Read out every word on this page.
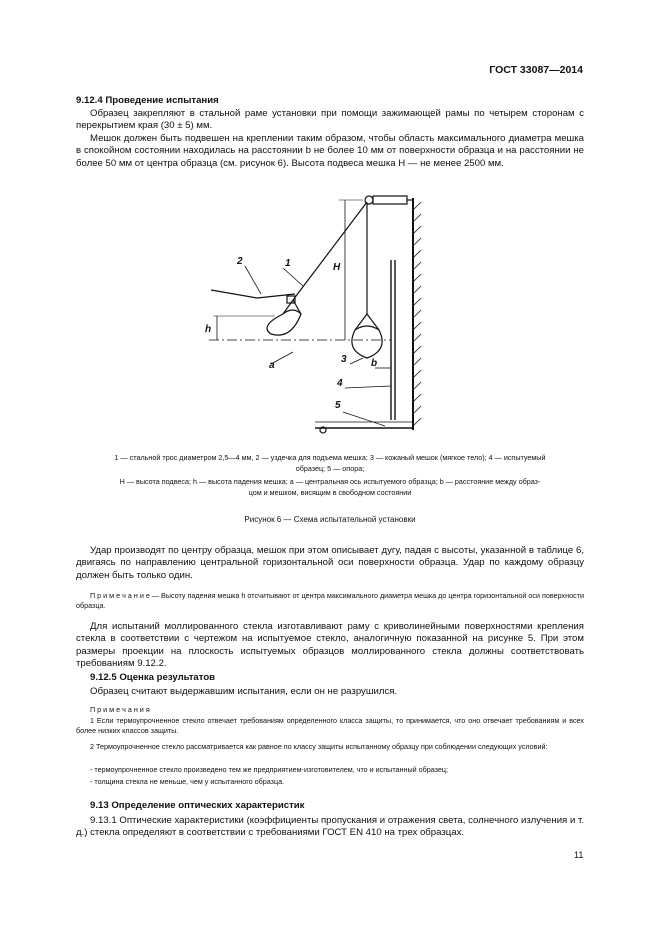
ГОСТ 33087—2014
9.12.4 Проведение испытания
Образец закрепляют в стальной раме установки при помощи зажимающей рамы по четырем сторонам с перекрытием края (30 ± 5) мм.
Мешок должен быть подвешен на креплении таким образом, чтобы область максимального диаметра мешка в спокойном состоянии находилась на расстоянии b не более 10 мм от поверхности образца и на расстоянии не более 50 мм от центра образца (см. рисунок 6). Высота подвеса мешка H — не менее 2500 мм.
1
2
3
4
5
H
h
a	b
1 — стальной трос диаметром 2,5—4 мм, 2 — уздечка для подъема мешка; 3 — кожаный мешок (мягкое тело); 4 — испытуемый
образец; 5 — опора;
H — высота подвеса; h — высота падения мешка; a — центральная ось испытуемого образца; b — расстояние между образ-
цом и мешком, висящим в свободном состоянии
Рисунок 6 — Схема испытательной установки
Удар производят по центру образца, мешок при этом описывает дугу, падая с высоты, указанной в таблице 6, двигаясь по направлению центральной горизонтальной оси поверхности образца. Удар по каждому образцу должен быть только один.
П р и м е ч а н и е — Высоту падения мешка h отсчитывают от центра максимального диаметра мешка до центра горизонтальной оси поверхности образца.
Для испытаний моллированного стекла изготавливают раму с криволинейными поверхностями крепления стекла в соответствии с чертежом на испытуемое стекло, аналогичную показанной на рисунке 5. При этом размеры проекции на плоскость испытуемых образцов моллированного стекла должны соответствовать требованиям 9.12.2.
9.12.5 Оценка результатов
Образец считают выдержавшим испытания, если он не разрушился.
П р и м е ч а н и я
1 Если термоупрочненное стекло отвечает требованиям определенного класса защиты, то принимается, что оно отвечает требованиям и всех более низких классов защиты.
2 Термоупрочненное стекло рассматривается как равное по классу защиты испытанному образцу при соблюдении следующих условий:
- термоупрочненное стекло произведено тем же предприятием-изготовителем, что и испытанный образец;
- толщина стекла не меньше, чем у испытанного образца.
9.13 Определение оптических характеристик
9.13.1 Оптические характеристики (коэффициенты пропускания и отражения света, солнечного излучения и т. д.) стекла определяют в соответствии с требованиями ГОСТ EN 410 на трех образцах.
11
